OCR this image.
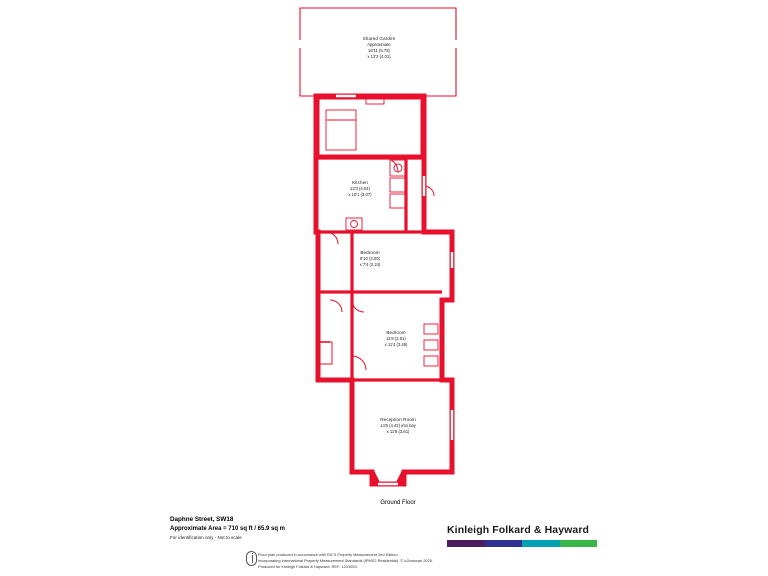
Shared Garden
Approximate
18'11 (5.78)
x 13'2 (4.01)
Kitchen
13'3 (4.04)
x 10'1 (3.07)
Bedroom
9'10 (3.00)
x 7'4 (2.24)
Bedroom
11'8 (3.61)
x 11'4 (3.45)
Reception Room
14'6 (4.42) into bay
x 11'9 (3.61)
Ground Floor
Daphne Street, SW18
Approximate Area = 710 sq ft / 65.9 sq m
For identification only - Not to scale
Kinleigh Folkard & Hayward
Floor plan produced in accordance with RICS Property Measurement 2nd Edition,
incorporating International Property Measurement Standards (IPMS2 Residential). © ic2cwscan 2025.
Produced for Kinleigh Folkard & Hayward. REF: 1231003
